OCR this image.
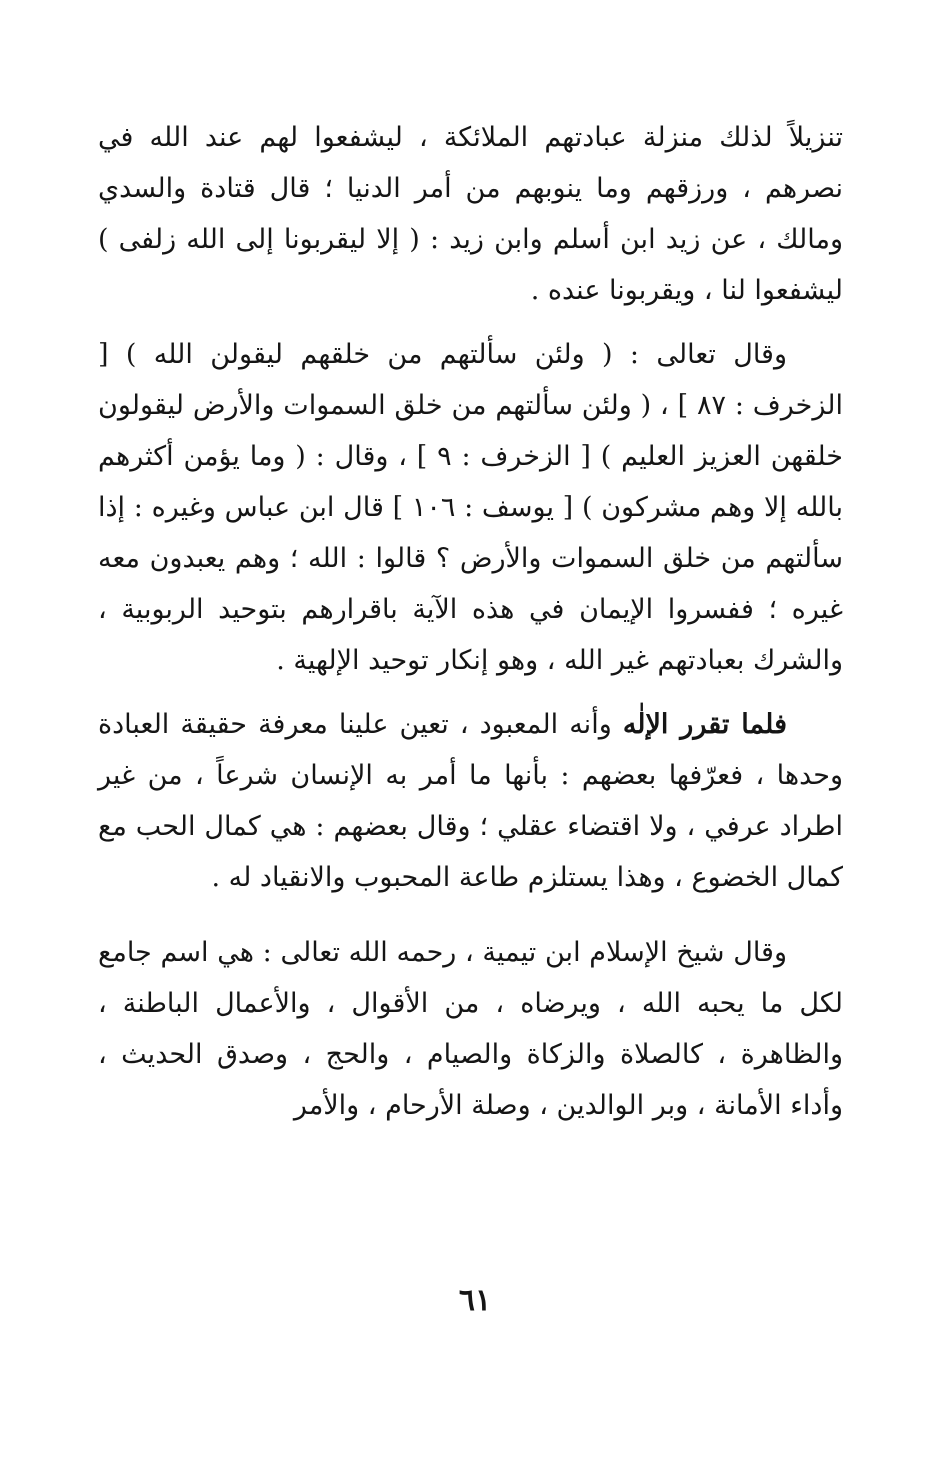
تنزيلاً لذلك منزلة عبادتهم الملائكة ، ليشفعوا لهم عند الله في نصرهم ، ورزقهم وما ينوبهم من أمر الدنيا ؛ قال قتادة والسدي ومالك ، عن زيد ابن أسلم وابن زيد : ( إلا ليقربونا إلى الله زلفى ) ليشفعوا لنا ، ويقربونا عنده .

وقال تعالى : ( ولئن سألتهم من خلقهم ليقولن الله ) [ الزخرف : ٨٧ ] ، ( ولئن سألتهم من خلق السموات والأرض ليقولون خلقهن العزيز العليم ) [ الزخرف : ٩ ] ، وقال : ( وما يؤمن أكثرهم بالله إلا وهم مشركون ) [ يوسف : ١٠٦ ] قال ابن عباس وغيره : إذا سألتهم من خلق السموات والأرض ؟ قالوا : الله ؛ وهم يعبدون معه غيره ؛ ففسروا الإيمان في هذه الآية باقرارهم بتوحيد الربوبية ، والشرك بعبادتهم غير الله ، وهو إنكار توحيد الإلهية .

فلما تقرر الإلٰه وأنه المعبود ، تعين علينا معرفة حقيقة العبادة وحدها ، فعرّفها بعضهم : بأنها ما أمر به الإنسان شرعاً ، من غير اطراد عرفي ، ولا اقتضاء عقلي ؛ وقال بعضهم : هي كمال الحب مع كمال الخضوع ، وهذا يستلزم طاعة المحبوب والانقياد له .

وقال شيخ الإسلام ابن تيمية ، رحمه الله تعالى : هي اسم جامع لكل ما يحبه الله ، ويرضاه ، من الأقوال ، والأعمال الباطنة ، والظاهرة ، كالصلاة والزكاة والصيام ، والحج ، وصدق الحديث ، وأداء الأمانة ، وبر الوالدين ، وصلة الأرحام ، والأمر

٦١
